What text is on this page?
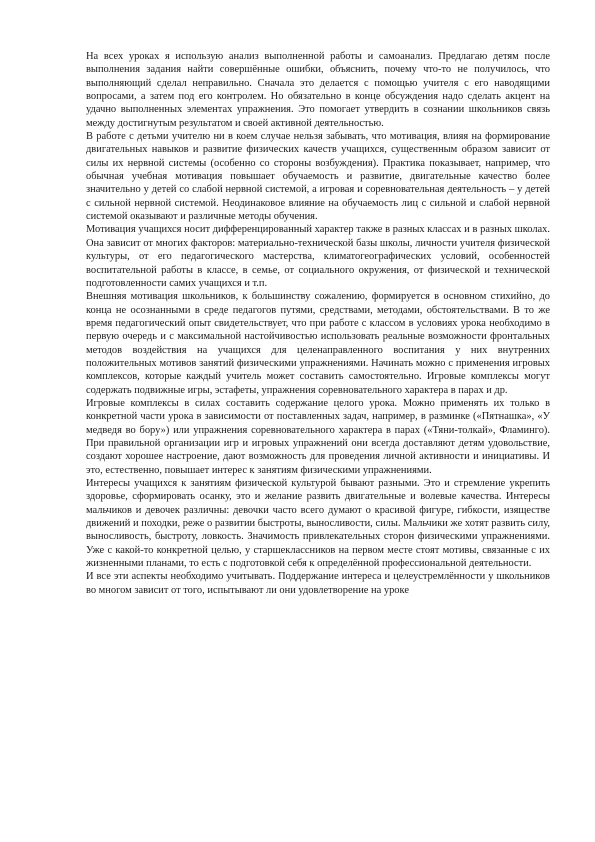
На всех уроках я использую анализ выполненной работы и самоанализ. Предлагаю детям после выполнения задания найти совершённые ошибки, объяснить, почему что-то не получилось, что выполняющий сделал неправильно. Сначала это делается с помощью учителя с его наводящими вопросами, а затем под его контролем. Но обязательно в конце обсуждения надо сделать акцент на удачно выполненных элементах упражнения. Это помогает утвердить в сознании школьников связь между достигнутым результатом и своей активной деятельностью.

В работе с детьми учителю ни в коем случае нельзя забывать, что мотивация, влияя на формирование двигательных навыков и развитие физических качеств учащихся, существенным образом зависит от силы их нервной системы (особенно со стороны возбуждения). Практика показывает, например, что обычная учебная мотивация повышает обучаемость и развитие, двигательные качество более значительно у детей со слабой нервной системой, а игровая и соревновательная деятельность – у детей с сильной нервной системой. Неодинаковое влияние на обучаемость лиц с сильной и слабой нервной системой оказывают и различные методы обучения.

Мотивация учащихся носит дифференцированный характер также в разных классах и в разных школах. Она зависит от многих факторов: материально-технической базы школы, личности учителя физической культуры, от его педагогического мастерства, климатогеографических условий, особенностей воспитательной работы в классе, в семье, от социального окружения, от физической и технической подготовленности самих учащихся и т.п.

Внешняя мотивация школьников, к большинству сожалению, формируется в основном стихийно, до конца не осознанными в среде педагогов путями, средствами, методами, обстоятельствами. В то же время педагогический опыт свидетельствует, что при работе с классом в условиях урока необходимо в первую очередь и с максимальной настойчивостью использовать реальные возможности фронтальных методов воздействия на учащихся для целенаправленного воспитания у них внутренних положительных мотивов занятий физическими упражнениями. Начинать можно с применения игровых комплексов, которые каждый учитель может составить самостоятельно. Игровые комплексы могут содержать подвижные игры, эстафеты, упражнения соревновательного характера в парах и др.

Игровые комплексы в силах составить содержание целого урока. Можно применять их только в конкретной части урока в зависимости от поставленных задач, например, в разминке («Пятнашка», «У медведя во бору») или упражнения соревновательного характера в парах («Тяни-толкай», Фламинго). При правильной организации игр и игровых упражнений они всегда доставляют детям удовольствие, создают хорошее настроение, дают возможность для проведения личной активности и инициативы. И это, естественно, повышает интерес к занятиям физическими упражнениями.

Интересы учащихся к занятиям физической культурой бывают разными. Это и стремление укрепить здоровье, сформировать осанку, это и желание развить двигательные и волевые качества. Интересы мальчиков и девочек различны: девочки часто всего думают о красивой фигуре, гибкости, изяществе движений и походки, реже о развитии быстроты, выносливости, силы. Мальчики же хотят развить силу, выносливость, быстроту, ловкость. Значимость привлекательных сторон физическими упражнениями. Уже с какой-то конкретной целью, у старшеклассников на первом месте стоят мотивы, связанные с их жизненными планами, то есть с подготовкой себя к определённой профессиональной деятельности.

И все эти аспекты необходимо учитывать. Поддержание интереса и целеустремлённости у школьников во многом зависит от того, испытывают ли они удовлетворение на уроке
